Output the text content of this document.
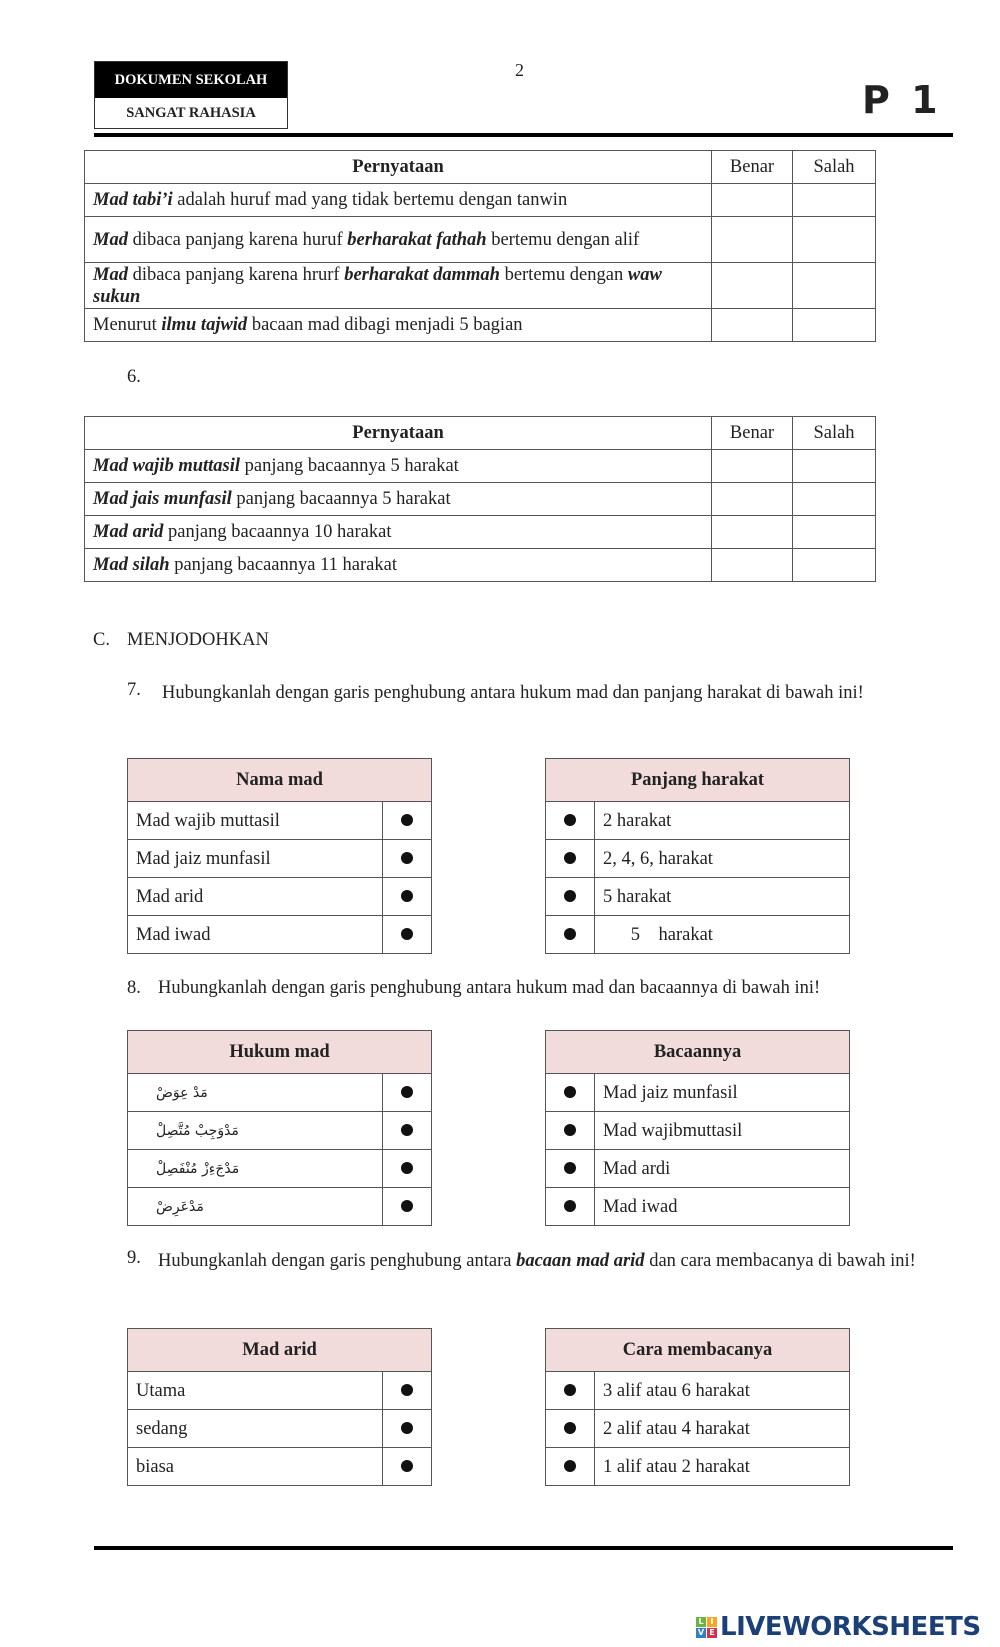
DOKUMEN SEKOLAH
SANGAT RAHASIA
2
P 1
Pernyataan	Benar	Salah
Mad tabi’i adalah huruf mad yang tidak bertemu dengan tanwin		
Mad dibaca panjang karena huruf berharakat fathah bertemu dengan alif		
Mad dibaca panjang karena hrurf berharakat dammah bertemu dengan waw sukun		
Menurut ilmu tajwid bacaan mad dibagi menjadi 5 bagian		
6.
Pernyataan	Benar	Salah
Mad wajib muttasil panjang bacaannya 5 harakat		
Mad jais munfasil panjang bacaannya 5 harakat		
Mad arid panjang bacaannya 10 harakat		
Mad silah panjang bacaannya 11 harakat		
C. MENJODOHKAN
7. Hubungkanlah dengan garis penghubung antara hukum mad dan panjang harakat di bawah ini!
Nama mad	
Mad wajib muttasil	
Mad jaiz munfasil	
Mad arid	
Mad iwad	
Panjang harakat	
	2 harakat
	2, 4, 6, harakat
	5 harakat
	5    harakat
8. Hubungkanlah dengan garis penghubung antara hukum mad dan bacaannya di bawah ini!
Hukum mad	
مَدْ عِوَضْ	
مَدْوَجِبْ مُتَّصِلْ	
مَدْجَءِزْ مُنْفَصِلْ	
مَدْعَرِضْ	
Bacaannya	
	Mad jaiz munfasil
	Mad wajibmuttasil
	Mad ardi
	Mad iwad
9. Hubungkanlah dengan garis penghubung antara bacaan mad arid dan cara membacanya di bawah ini!
Mad arid	
Utama	
sedang	
biasa	
Cara membacanya	
	3 alif atau 6 harakat
	2 alif atau 4 harakat
	1 alif atau 2 harakat
L I
V E LIVEWORKSHEETS
